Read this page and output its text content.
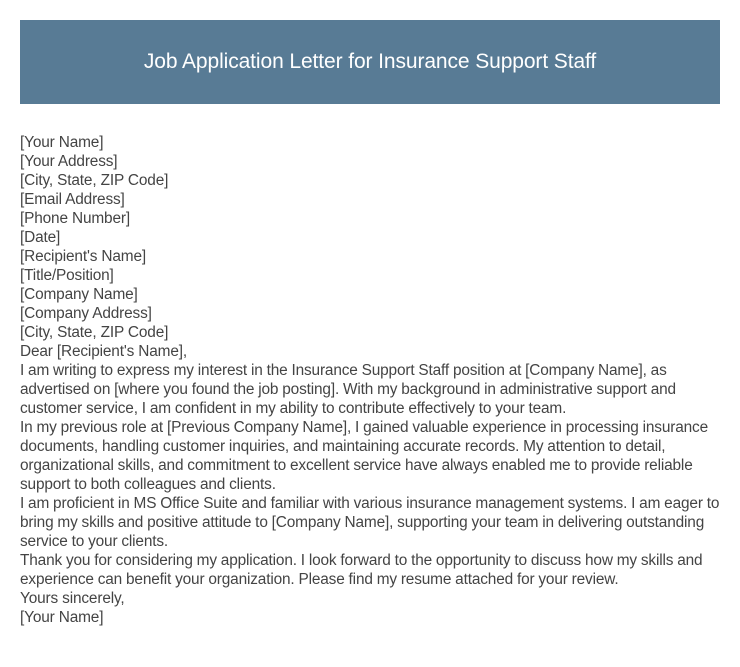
Job Application Letter for Insurance Support Staff

[Your Name]

[Your Address]

[City, State, ZIP Code]

[Email Address]

[Phone Number]

[Date]

[Recipient's Name]

[Title/Position]

[Company Name]

[Company Address]

[City, State, ZIP Code]

Dear [Recipient's Name],

I am writing to express my interest in the Insurance Support Staff position at [Company Name], as advertised on [where you found the job posting]. With my background in administrative support and customer service, I am confident in my ability to contribute effectively to your team.

In my previous role at [Previous Company Name], I gained valuable experience in processing insurance documents, handling customer inquiries, and maintaining accurate records. My attention to detail, organizational skills, and commitment to excellent service have always enabled me to provide reliable support to both colleagues and clients.

I am proficient in MS Office Suite and familiar with various insurance management systems. I am eager to bring my skills and positive attitude to [Company Name], supporting your team in delivering outstanding service to your clients.

Thank you for considering my application. I look forward to the opportunity to discuss how my skills and experience can benefit your organization. Please find my resume attached for your review.

Yours sincerely,

[Your Name]
